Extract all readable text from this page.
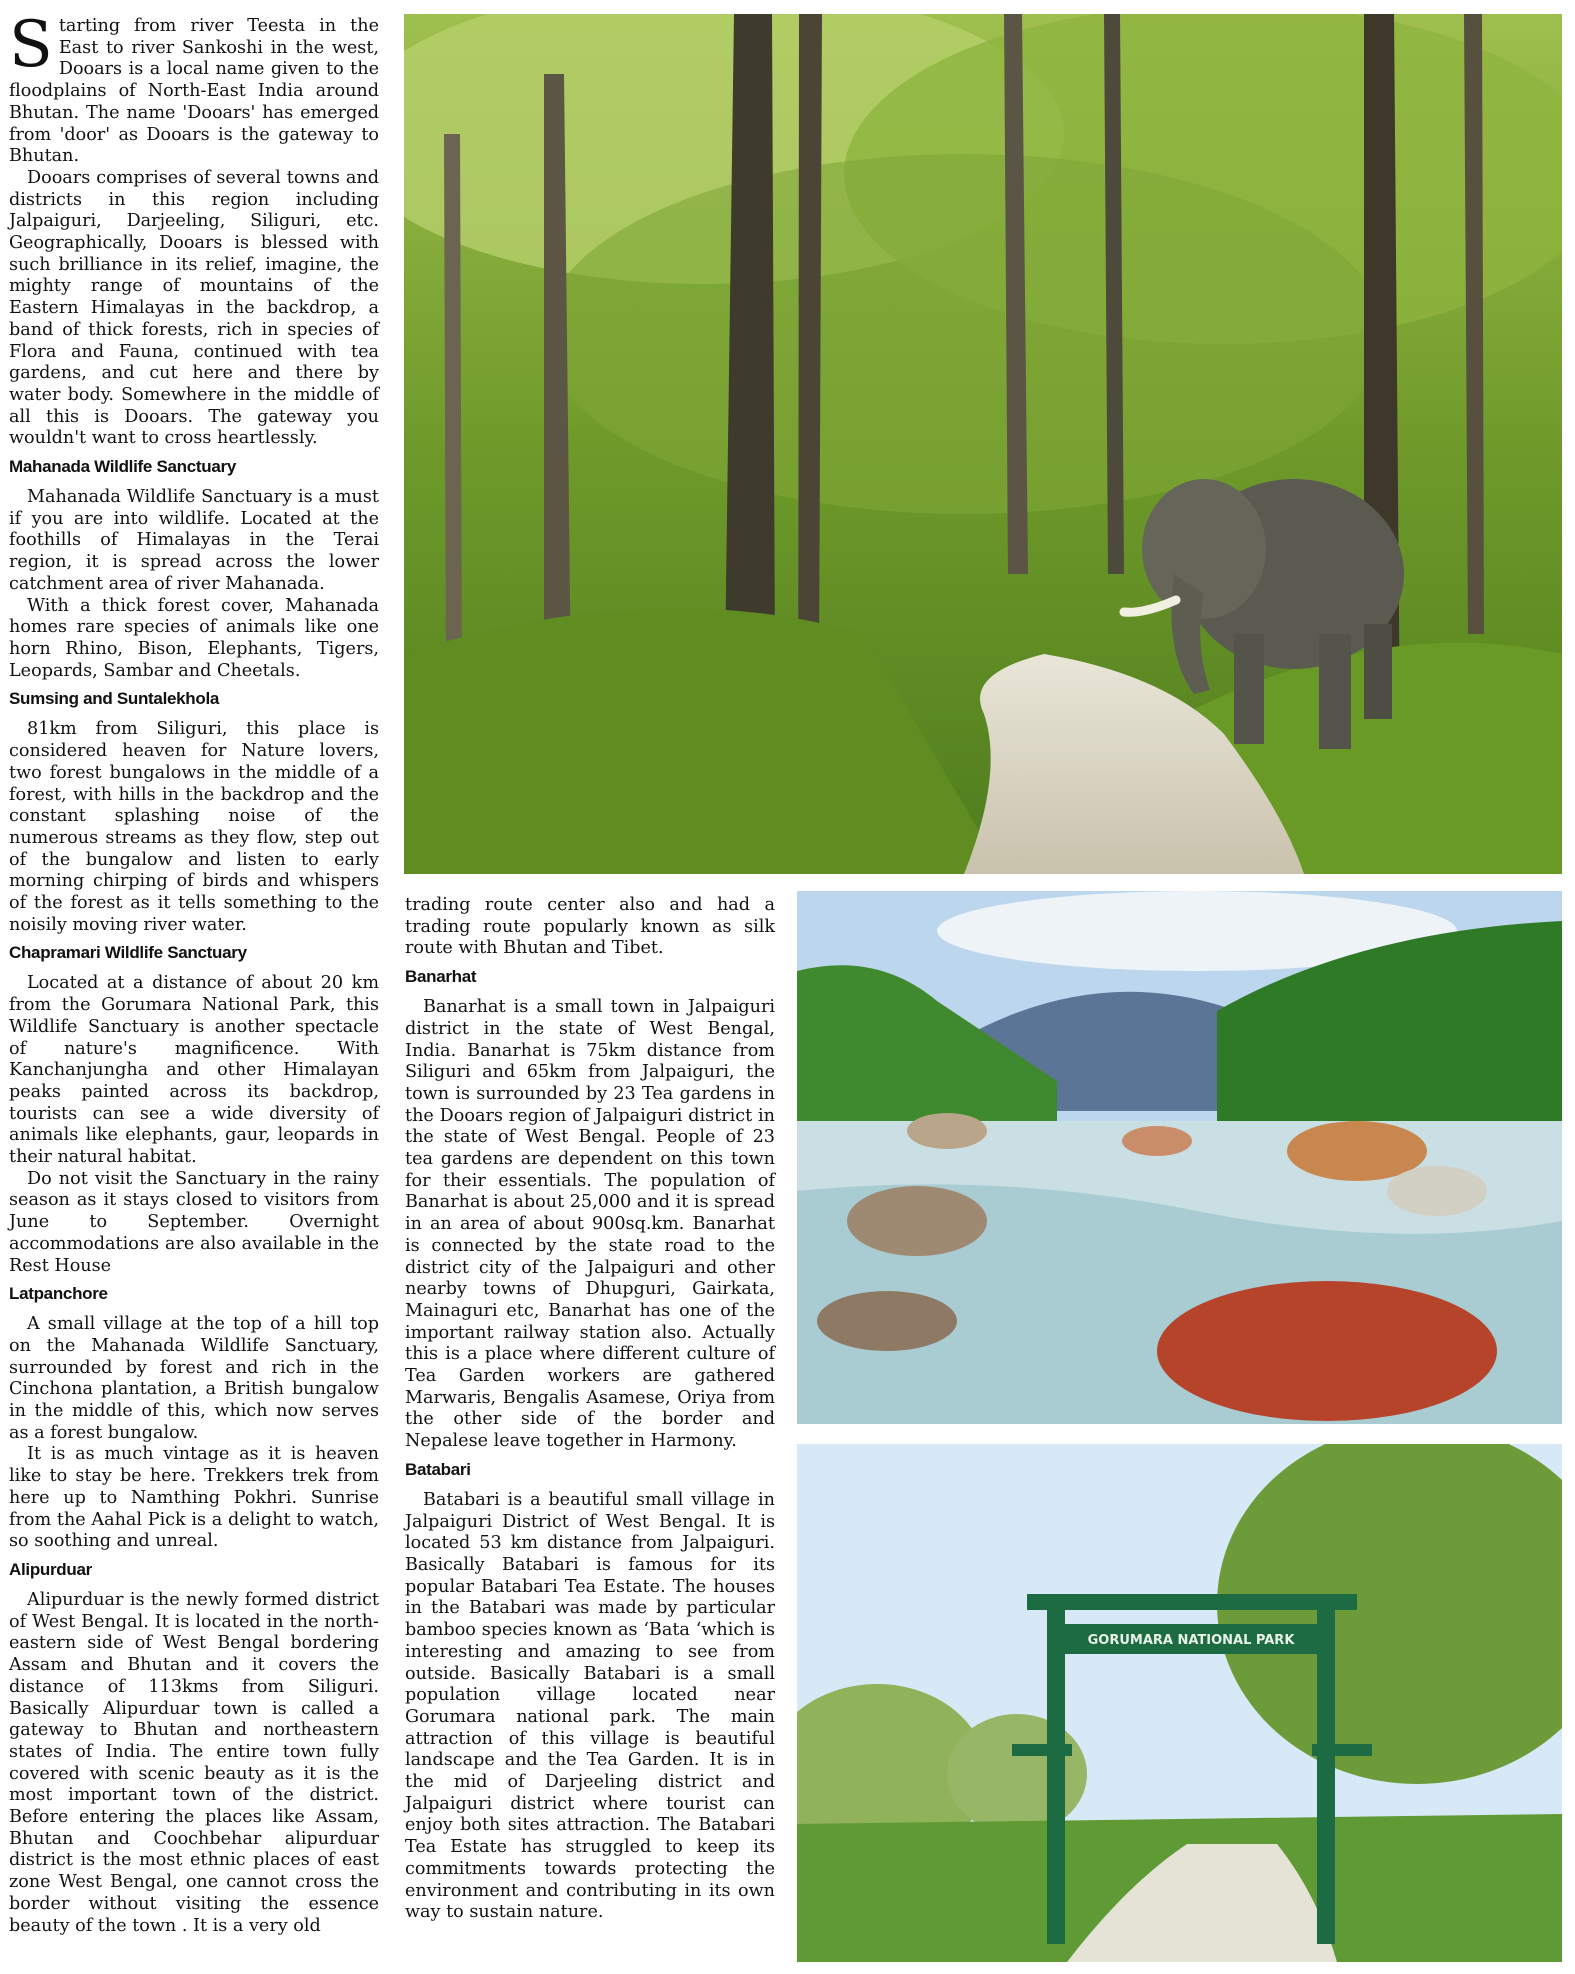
Starting from river Teesta in the East to river Sankoshi in the west, Dooars is a local name given to the floodplains of North-East India around Bhutan. The name 'Dooars' has emerged from 'door' as Dooars is the gateway to Bhutan.

Dooars comprises of several towns and districts in this region including Jalpaiguri, Darjeeling, Siliguri, etc. Geographically, Dooars is blessed with such brilliance in its relief, imagine, the mighty range of mountains of the Eastern Himalayas in the backdrop, a band of thick forests, rich in species of Flora and Fauna, continued with tea gardens, and cut here and there by water body. Somewhere in the middle of all this is Dooars. The gateway you wouldn't want to cross heartlessly.

Mahanada Wildlife Sanctuary

Mahanada Wildlife Sanctuary is a must if you are into wildlife. Located at the foothills of Himalayas in the Terai region, it is spread across the lower catchment area of river Mahanada.

With a thick forest cover, Mahanada homes rare species of animals like one horn Rhino, Bison, Elephants, Tigers, Leopards, Sambar and Cheetals.

Sumsing and Suntalekhola

81km from Siliguri, this place is considered heaven for Nature lovers, two forest bungalows in the middle of a forest, with hills in the backdrop and the constant splashing noise of the numerous streams as they flow, step out of the bungalow and listen to early morning chirping of birds and whispers of the forest as it tells something to the noisily moving river water.

Chapramari Wildlife Sanctuary

Located at a distance of about 20 km from the Gorumara National Park, this Wildlife Sanctuary is another spectacle of nature's magnificence. With Kanchanjungha and other Himalayan peaks painted across its backdrop, tourists can see a wide diversity of animals like elephants, gaur, leopards in their natural habitat.

Do not visit the Sanctuary in the rainy season as it stays closed to visitors from June to September. Overnight accommodations are also available in the Rest House

Latpanchore

A small village at the top of a hill top on the Mahanada Wildlife Sanctuary, surrounded by forest and rich in the Cinchona plantation, a British bungalow in the middle of this, which now serves as a forest bungalow.

It is as much vintage as it is heaven like to stay be here. Trekkers trek from here up to Namthing Pokhri. Sunrise from the Aahal Pick is a delight to watch, so soothing and unreal.

Alipurduar

Alipurduar is the newly formed district of West Bengal. It is located in the north-eastern side of West Bengal bordering Assam and Bhutan and it covers the distance of 113kms from Siliguri. Basically Alipurduar town is called a gateway to Bhutan and northeastern states of India. The entire town fully covered with scenic beauty as it is the most important town of the district. Before entering the places like Assam, Bhutan and Coochbehar alipurduar district is the most ethnic places of east zone West Bengal, one cannot cross the border without visiting the essence beauty of the town . It is a very old

trading route center also and had a trading route popularly known as silk route with Bhutan and Tibet.

Banarhat

Banarhat is a small town in Jalpaiguri district in the state of West Bengal, India. Banarhat is 75km distance from Siliguri and 65km from Jalpaiguri, the town is surrounded by 23 Tea gardens in the Dooars region of Jalpaiguri district in the state of West Bengal. People of 23 tea gardens are dependent on this town for their essentials. The population of Banarhat is about 25,000 and it is spread in an area of about 900sq.km. Banarhat is connected by the state road to the district city of the Jalpaiguri and other nearby towns of Dhupguri, Gairkata, Mainaguri etc, Banarhat has one of the important railway station also. Actually this is a place where different culture of Tea Garden workers are gathered Marwaris, Bengalis Asamese, Oriya from the other side of the border and Nepalese leave together in Harmony.

Batabari

Batabari is a beautiful small village in Jalpaiguri District of West Bengal. It is located 53 km distance from Jalpaiguri. Basically Batabari is famous for its popular Batabari Tea Estate. The houses in the Batabari was made by particular bamboo species known as ‘Bata ‘which is interesting and amazing to see from outside. Basically Batabari is a small population village located near Gorumara national park. The main attraction of this village is beautiful landscape and the Tea Garden. It is in the mid of Darjeeling district and Jalpaiguri district where tourist can enjoy both sites attraction. The Batabari Tea Estate has struggled to keep its commitments towards protecting the environment and contributing in its own way to sustain nature.

GORUMARA NATIONAL PARK
